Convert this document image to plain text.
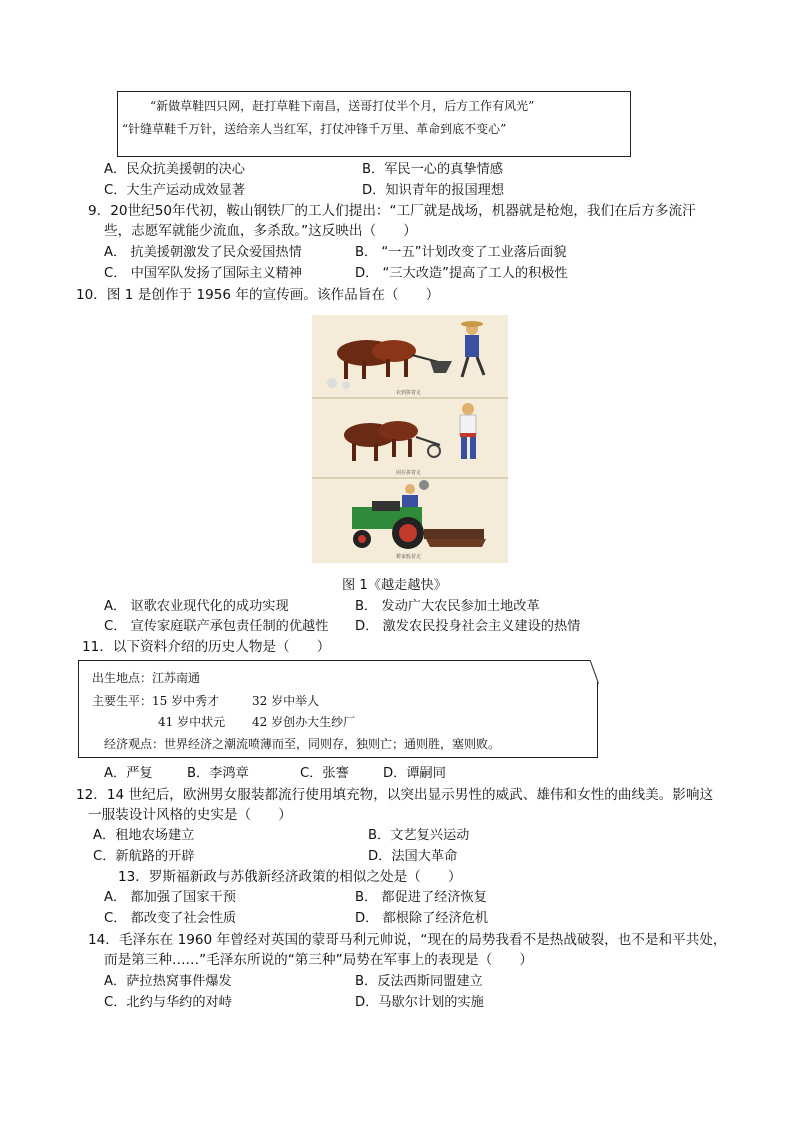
“新做草鞋四只网，赶打草鞋下南昌，送哥打仗半个月，后方工作有风光”
“针缝草鞋千万针，送给亲人当红军，打仗冲锋千万里、革命到底不变心”
A．民众抗美援朝的决心	B．军民一心的真挚情感
C．大生产运动成效显著	D．知识青年的报国理想
9．20世纪50年代初，鞍山钢铁厂的工人们提出：“工厂就是战场，机器就是枪炮，我们在后方多流汗
些，志愿军就能少流血，多杀敌。”这反映出（　　）
A． 抗美援朝激发了民众爱国热情	B． “一五”计划改变了工业落后面貌
C． 中国军队发扬了国际主义精神	D． “三大改造”提高了工人的积极性
10．图 1 是创作于 1956 年的宣传画。该作品旨在（　　）
农到拼着走
困在拼着走
耕家般着走
图 1《越走越快》
A． 讴歌农业现代化的成功实现	B． 发动广大农民参加土地改革
C． 宣传家庭联产承包责任制的优越性 D． 激发农民投身社会主义建设的热情
11．以下资料介绍的历史人物是（　　）
出生地点：江苏南通
主要生平：15 岁中秀才	32 岁中举人
41 岁中状元 42 岁创办大生纱厂
经济观点：世界经济之潮流喷薄而至，同则存，独则亡；通则胜，塞则败。
A．严复	B．李鸿章	C．张謇	D．谭嗣同
12．14 世纪后，欧洲男女服装都流行使用填充物，以突出显示男性的威武、雄伟和女性的曲线美。影响这
一服装设计风格的史实是（　　）
A．租地农场建立	B．文艺复兴运动
C．新航路的开辟	D．法国大革命
13．罗斯福新政与苏俄新经济政策的相似之处是（　　）
A． 都加强了国家干预	B． 都促进了经济恢复
C． 都改变了社会性质	D． 都根除了经济危机
14．毛泽东在 1960 年曾经对英国的蒙哥马利元帅说，“现在的局势我看不是热战破裂，也不是和平共处，
而是第三种……”毛泽东所说的“第三种”局势在军事上的表现是（　　）
A．萨拉热窝事件爆发	B．反法西斯同盟建立
C．北约与华约的对峙	D．马歇尔计划的实施
